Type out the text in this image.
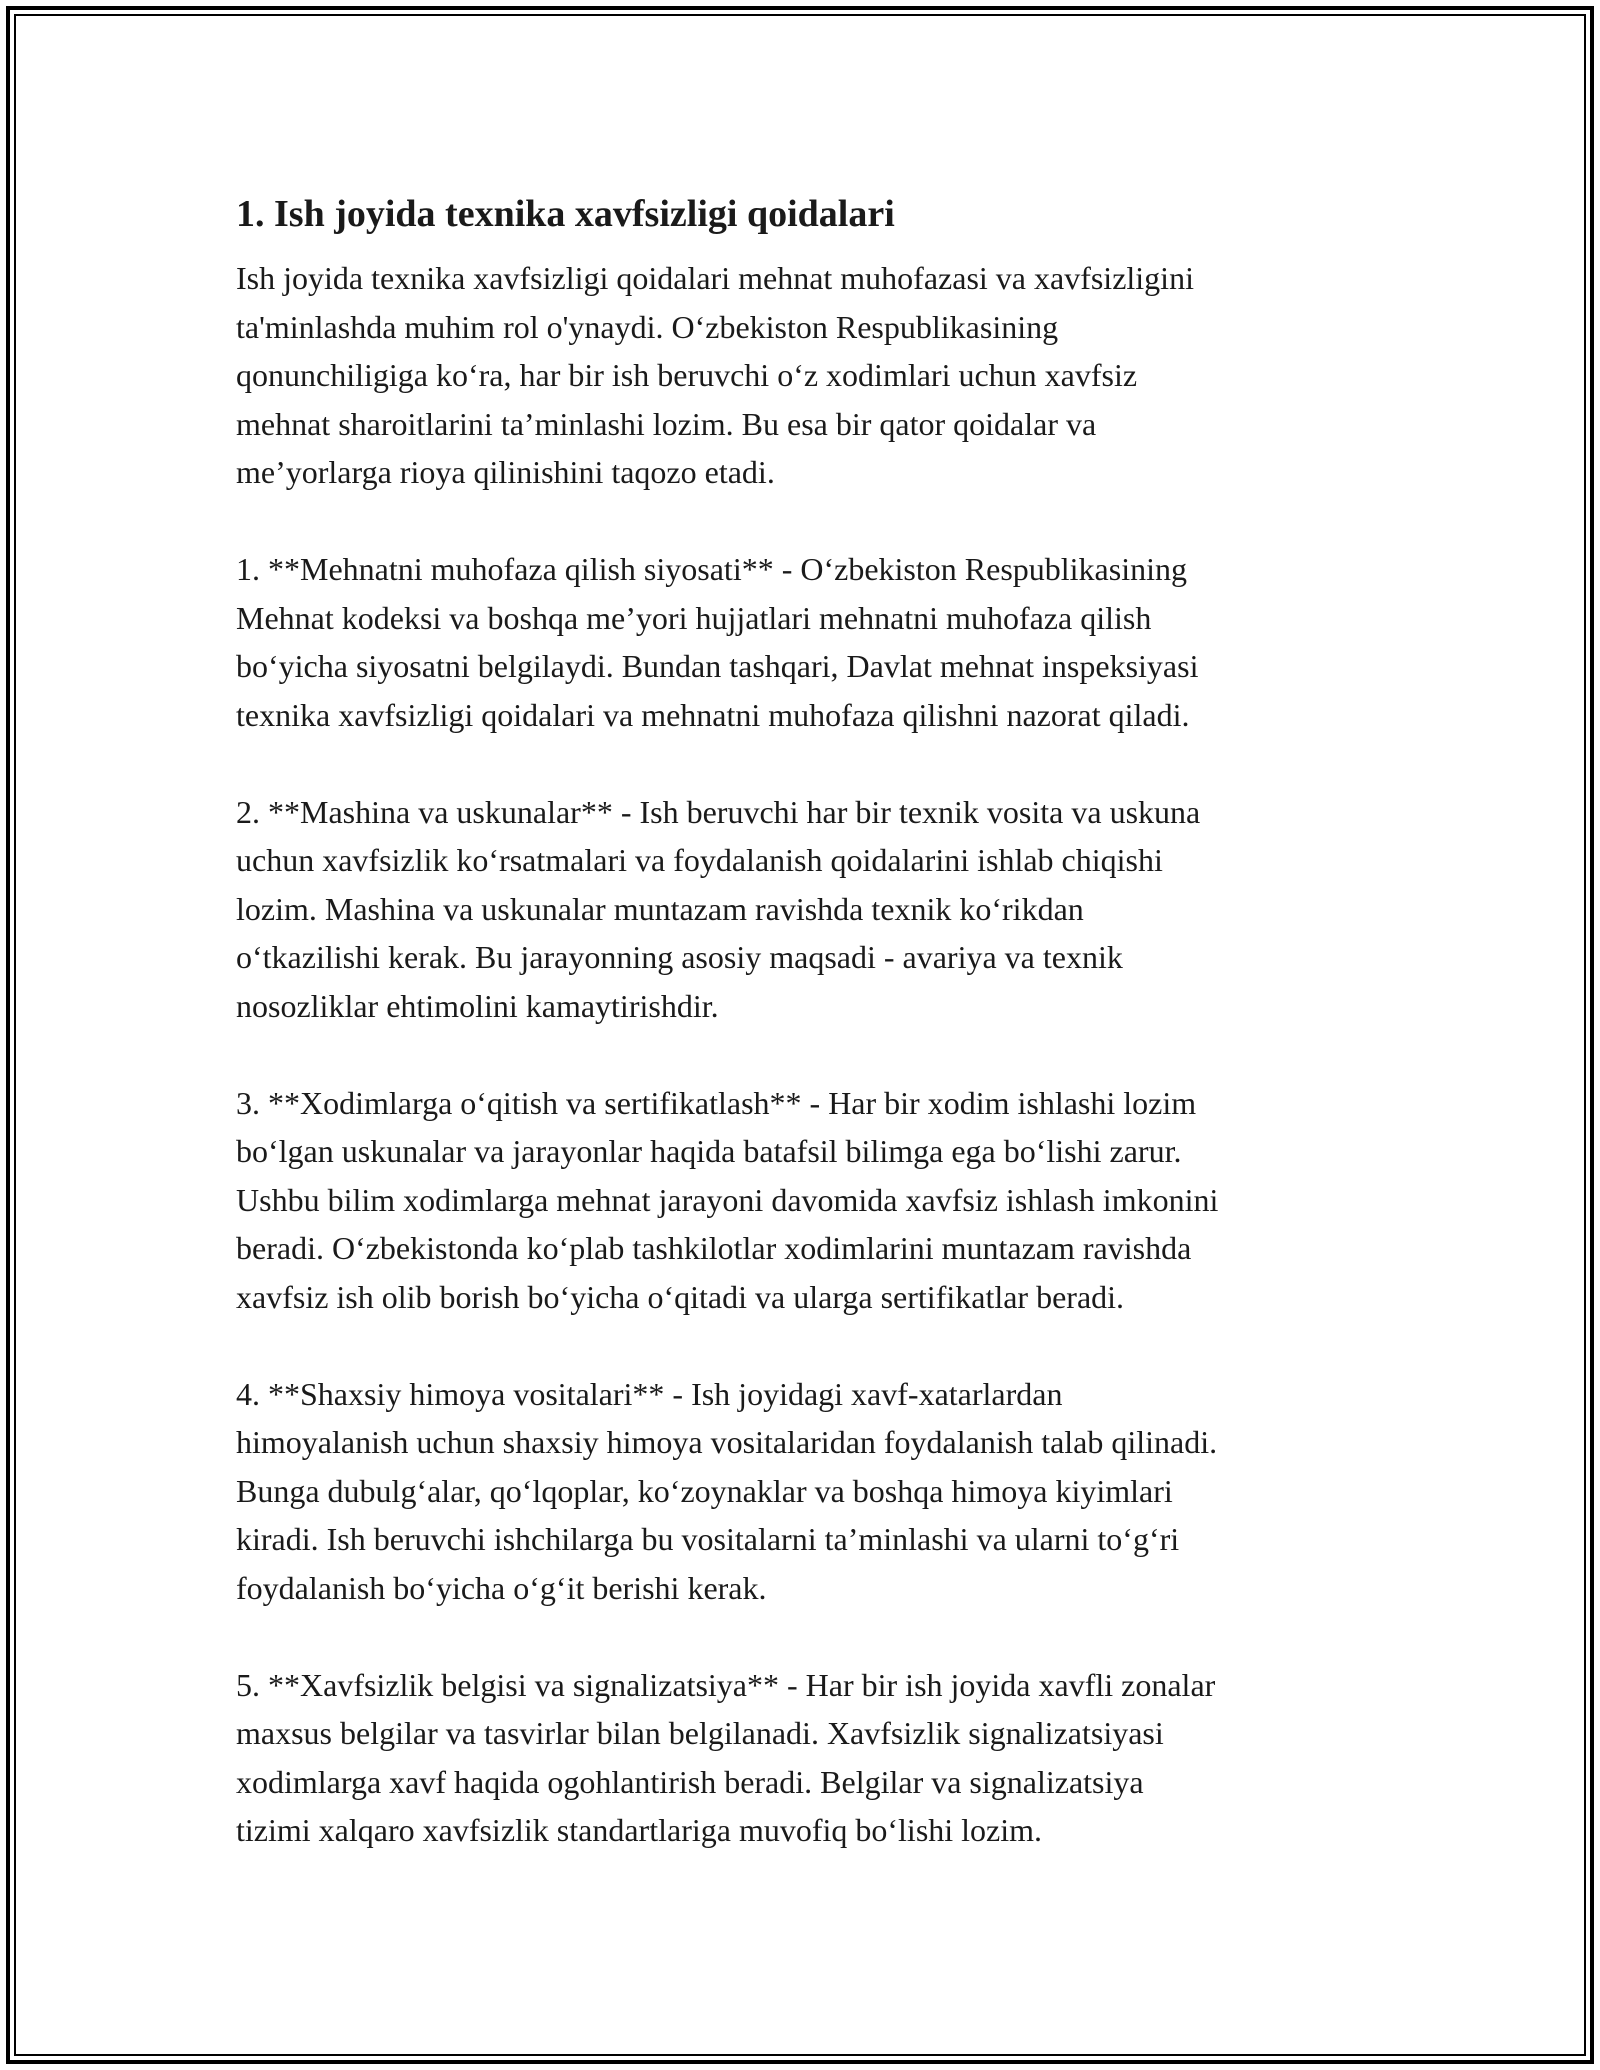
1. Ish joyida texnika xavfsizligi qoidalari

Ish joyida texnika xavfsizligi qoidalari mehnat muhofazasi va xavfsizligini
ta'minlashda muhim rol o'ynaydi. O‘zbekiston Respublikasining
qonunchiligiga ko‘ra, har bir ish beruvchi o‘z xodimlari uchun xavfsiz
mehnat sharoitlarini ta’minlashi lozim. Bu esa bir qator qoidalar va
me’yorlarga rioya qilinishini taqozo etadi.

1. **Mehnatni muhofaza qilish siyosati** - O‘zbekiston Respublikasining
Mehnat kodeksi va boshqa me’yori hujjatlari mehnatni muhofaza qilish
bo‘yicha siyosatni belgilaydi. Bundan tashqari, Davlat mehnat inspeksiyasi
texnika xavfsizligi qoidalari va mehnatni muhofaza qilishni nazorat qiladi.

2. **Mashina va uskunalar** - Ish beruvchi har bir texnik vosita va uskuna
uchun xavfsizlik ko‘rsatmalari va foydalanish qoidalarini ishlab chiqishi
lozim. Mashina va uskunalar muntazam ravishda texnik ko‘rikdan
o‘tkazilishi kerak. Bu jarayonning asosiy maqsadi - avariya va texnik
nosozliklar ehtimolini kamaytirishdir.

3. **Xodimlarga o‘qitish va sertifikatlash** - Har bir xodim ishlashi lozim
bo‘lgan uskunalar va jarayonlar haqida batafsil bilimga ega bo‘lishi zarur.
Ushbu bilim xodimlarga mehnat jarayoni davomida xavfsiz ishlash imkonini
beradi. O‘zbekistonda ko‘plab tashkilotlar xodimlarini muntazam ravishda
xavfsiz ish olib borish bo‘yicha o‘qitadi va ularga sertifikatlar beradi.

4. **Shaxsiy himoya vositalari** - Ish joyidagi xavf-xatarlardan
himoyalanish uchun shaxsiy himoya vositalaridan foydalanish talab qilinadi.
Bunga dubulg‘alar, qo‘lqoplar, ko‘zoynaklar va boshqa himoya kiyimlari
kiradi. Ish beruvchi ishchilarga bu vositalarni ta’minlashi va ularni to‘g‘ri
foydalanish bo‘yicha o‘g‘it berishi kerak.

5. **Xavfsizlik belgisi va signalizatsiya** - Har bir ish joyida xavfli zonalar
maxsus belgilar va tasvirlar bilan belgilanadi. Xavfsizlik signalizatsiyasi
xodimlarga xavf haqida ogohlantirish beradi. Belgilar va signalizatsiya
tizimi xalqaro xavfsizlik standartlariga muvofiq bo‘lishi lozim.
